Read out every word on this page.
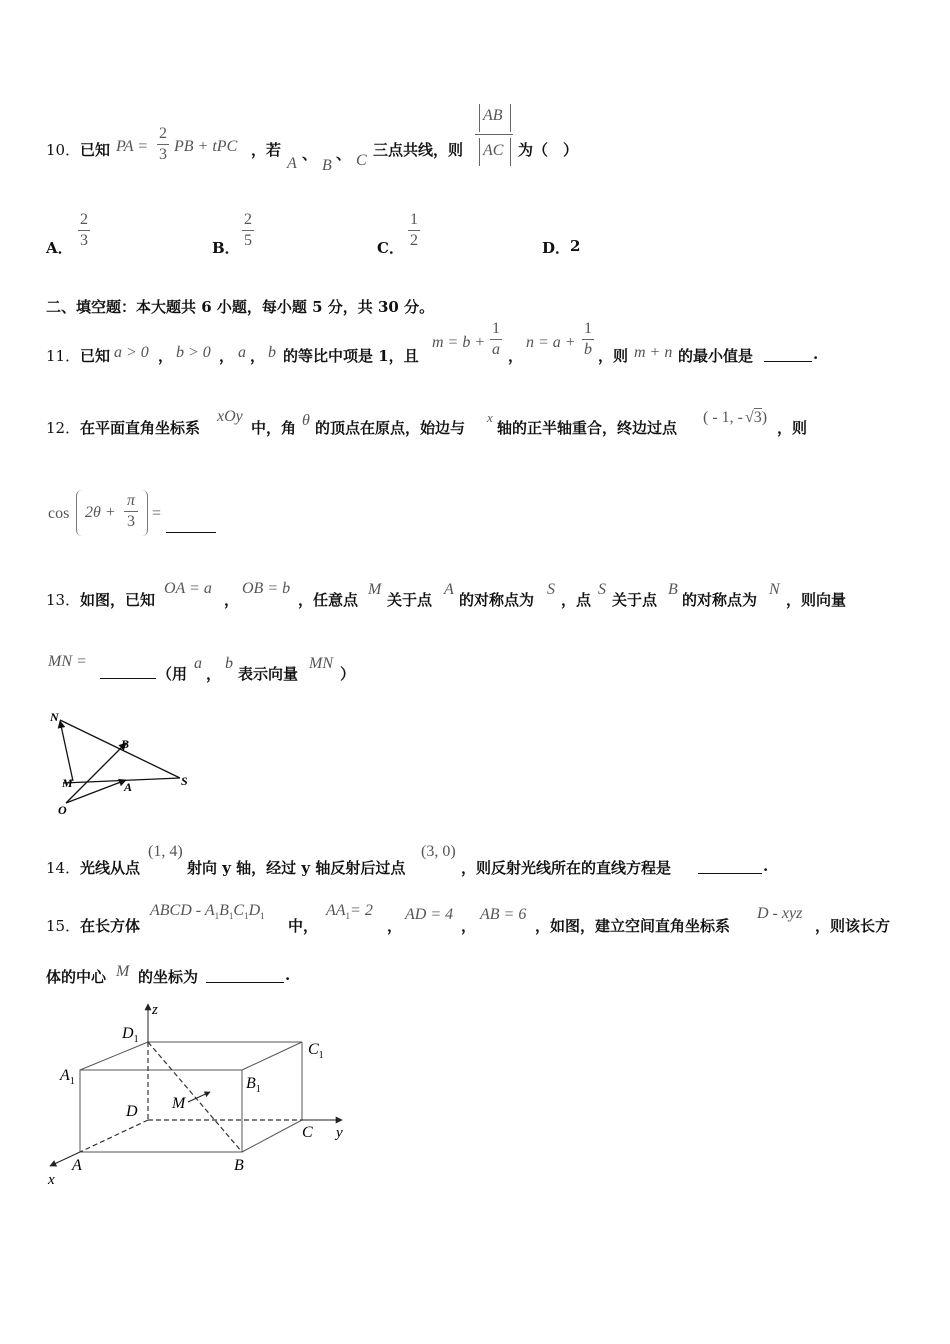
10． 已知 PA =
2
3 PB + tPC ，若
A
、
B
、 C
三点共线，则
AB
AC 为（　）
A．
2
3	B．
2
5	C．
1
2	D． 2
二、填空题：本大题共 6 小题，每小题 5 分，共 30 分。
11． 已知 a > 0 ， b > 0 ， a ， b 的等比中项是 1，且
m = b +
1
a ，
n = a +
1
b ，则 m + n 的最小值是	.
12． 在平面直角坐标系
xOy
中，角 θ 的顶点在原点，始边与
x
轴的正半轴重合，终边过点
( - 1, - √3)
，则
cos 2θ +
π
3 =
13． 如图，已知
OA = a
，
OB = b
，任意点
M
关于点
A
的对称点为
S
，点
S
关于点
B
的对称点为
N
，则向量
MN =
（用
a
，
b
表示向量
MN
）
N
B
M	A	S
O
14． 光线从点
(1, 4)
射向 y 轴，经过 y 轴反射后过点
(3, 0)
，则反射光线所在的直线方程是	.
15． 在长方体
ABCD - $A_1B_1C_1D_1$
中，
$AA_1= 2$
，
AD = 4
，
AB = 6
，如图，建立空间直角坐标系
D - xyz
，则该长方
体的中心 M 的坐标为	.
z
$D_1$
$C_1$
$A_1$	$B_1$
D M
C y
A	B
x
